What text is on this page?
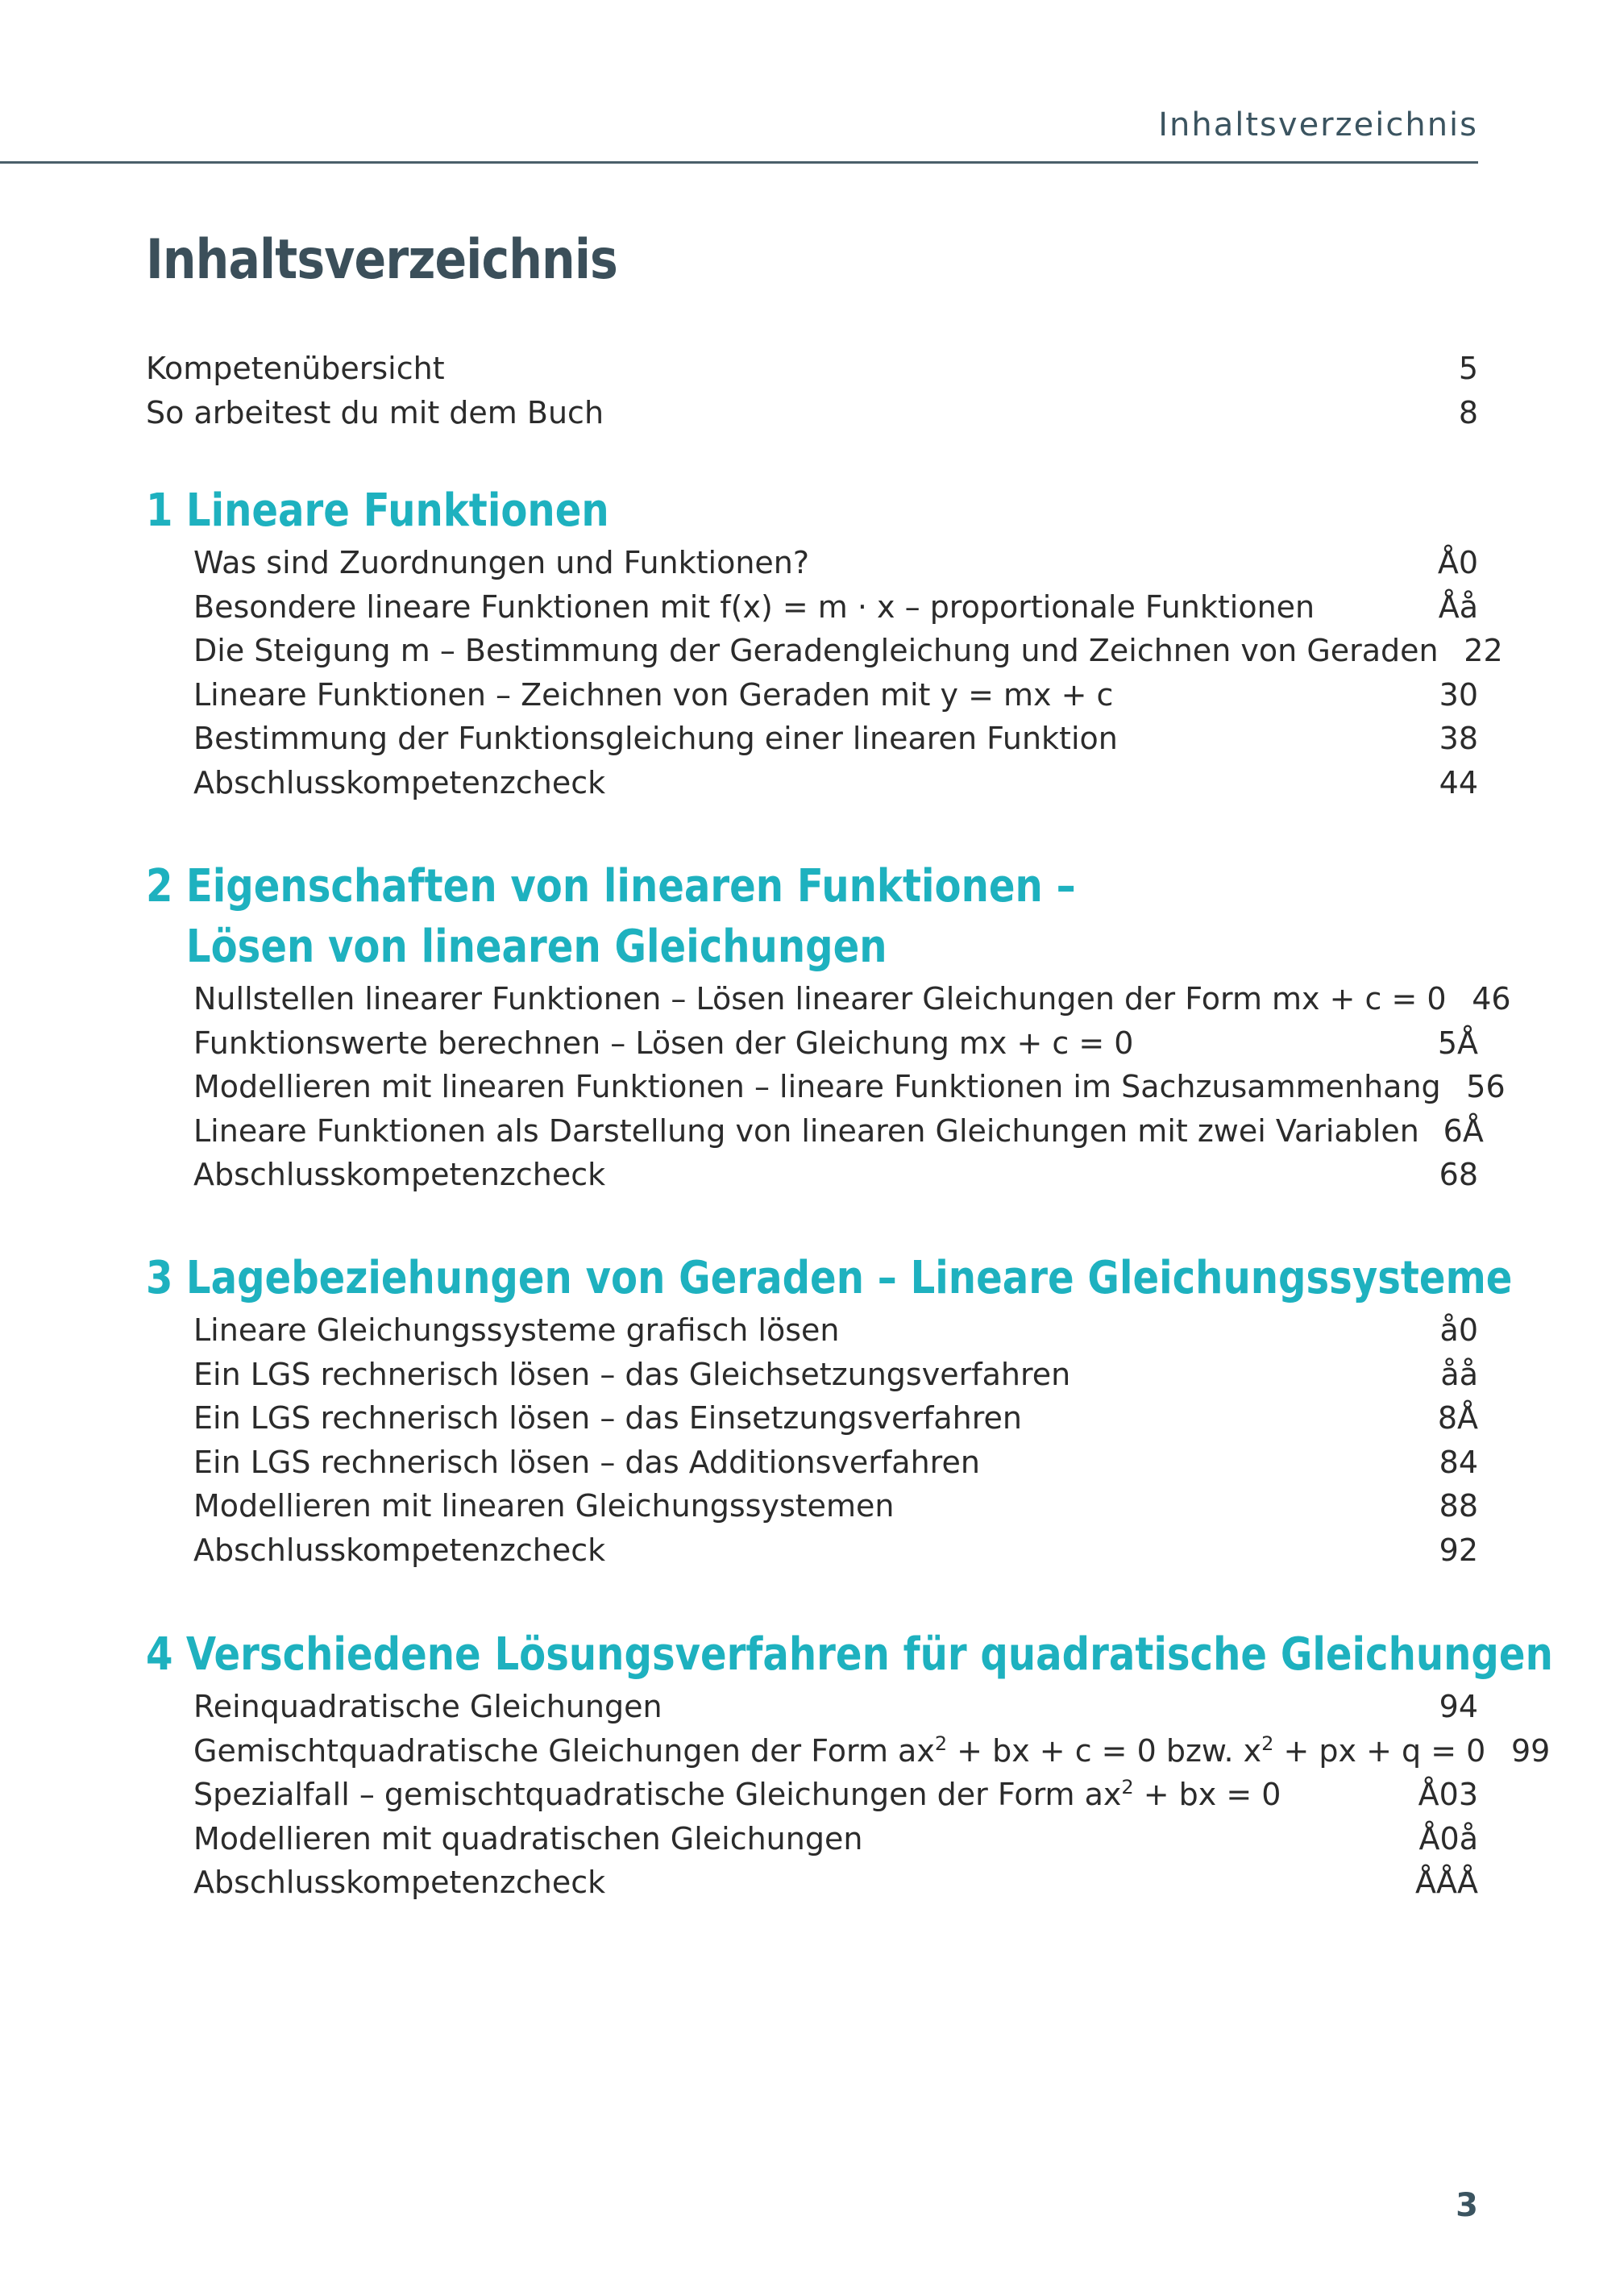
Inhaltsverzeichnis
Inhaltsverzeichnis
Kompetenübersicht	5
So arbeitest du mit dem Buch	8
1 Lineare Funktionen
Was sind Zuordnungen und Funktionen?	Å0
Besondere lineare Funktionen mit f(x) = m · x – proportionale Funktionen	Åå
Die Steigung m – Bestimmung der Geradengleichung und Zeichnen von Geraden 22
Lineare Funktionen – Zeichnen von Geraden mit y = mx + c	30
Bestimmung der Funktionsgleichung einer linearen Funktion	38
Abschlusskompetenzcheck	44
2 Eigenschaften von linearen Funktionen –
Lösen von linearen Gleichungen
Nullstellen linearer Funktionen – Lösen linearer Gleichungen der Form mx + c = 0 46
Funktionswerte berechnen – Lösen der Gleichung mx + c = 0	5Å
Modellieren mit linearen Funktionen – lineare Funktionen im Sachzusammenhang 56
Lineare Funktionen als Darstellung von linearen Gleichungen mit zwei Variablen 6Å
Abschlusskompetenzcheck	68
3 Lagebeziehungen von Geraden – Lineare Gleichungssysteme
Lineare Gleichungssysteme grafisch lösen	å0
Ein LGS rechnerisch lösen – das Gleichsetzungsverfahren	åå
Ein LGS rechnerisch lösen – das Einsetzungsverfahren	8Å
Ein LGS rechnerisch lösen – das Additionsverfahren	84
Modellieren mit linearen Gleichungssystemen	88
Abschlusskompetenzcheck	92
4 Verschiedene Lösungsverfahren für quadratische Gleichungen
Reinquadratische Gleichungen	94
Gemischtquadratische Gleichungen der Form $ax^2$ + bx + c = 0 bzw. $x^2$ + px + q = 0 99
Spezialfall – gemischtquadratische Gleichungen der Form $ax^2$ + bx = 0	Å03
Modellieren mit quadratischen Gleichungen	Å0å
Abschlusskompetenzcheck	ÅÅÅ
3
